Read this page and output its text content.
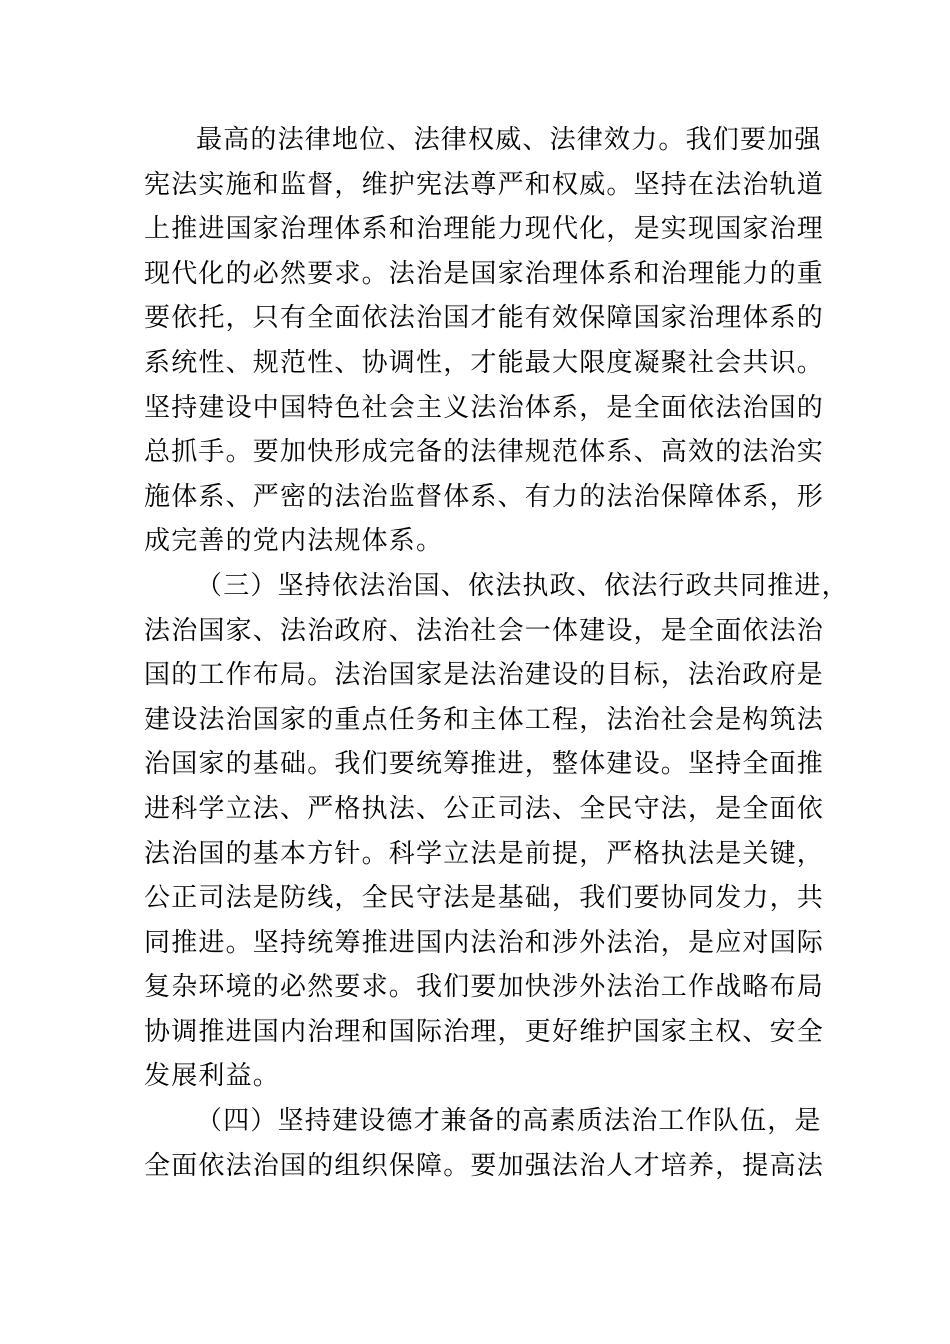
最高的法律地位、法律权威、法律效力。我们要加强
宪法实施和监督，维护宪法尊严和权威。坚持在法治轨道
上推进国家治理体系和治理能力现代化，是实现国家治理
现代化的必然要求。法治是国家治理体系和治理能力的重
要依托，只有全面依法治国才能有效保障国家治理体系的
系统性、规范性、协调性，才能最大限度凝聚社会共识。
坚持建设中国特色社会主义法治体系，是全面依法治国的
总抓手。要加快形成完备的法律规范体系、高效的法治实
施体系、严密的法治监督体系、有力的法治保障体系，形
成完善的党内法规体系。
（三）坚持依法治国、依法执政、依法行政共同推进，
法治国家、法治政府、法治社会一体建设，是全面依法治
国的工作布局。法治国家是法治建设的目标，法治政府是
建设法治国家的重点任务和主体工程，法治社会是构筑法
治国家的基础。我们要统筹推进，整体建设。坚持全面推
进科学立法、严格执法、公正司法、全民守法，是全面依
法治国的基本方针。科学立法是前提，严格执法是关键，
公正司法是防线，全民守法是基础，我们要协同发力，共
同推进。坚持统筹推进国内法治和涉外法治，是应对国际
复杂环境的必然要求。我们要加快涉外法治工作战略布局
协调推进国内治理和国际治理，更好维护国家主权、安全
发展利益。
（四）坚持建设德才兼备的高素质法治工作队伍，是
全面依法治国的组织保障。要加强法治人才培养，提高法
